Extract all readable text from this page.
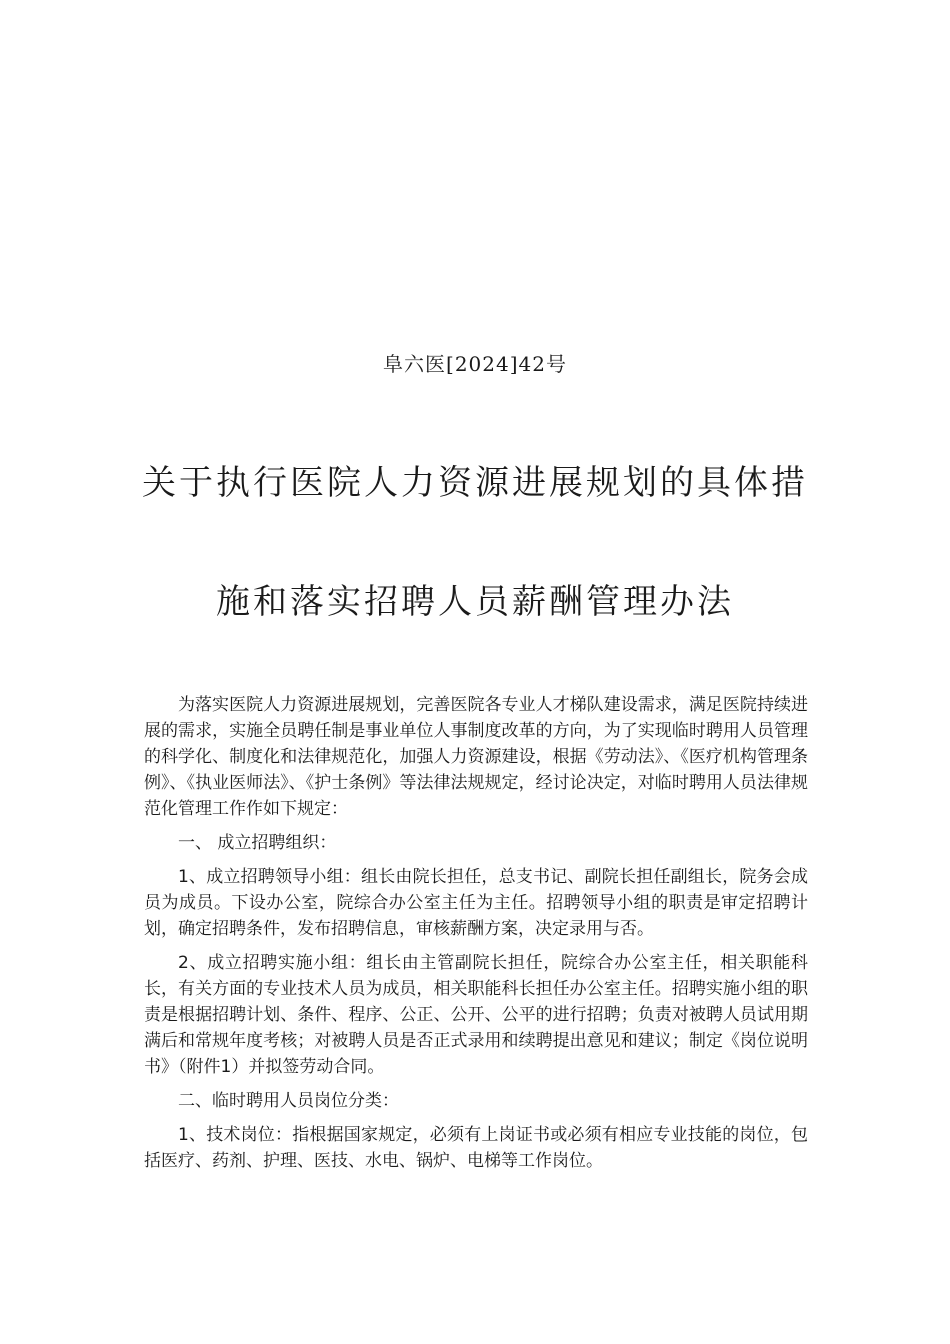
阜六医[2024]42号
关于执行医院人力资源进展规划的具体措
施和落实招聘人员薪酬管理办法

为落实医院人力资源进展规划，完善医院各专业人才梯队建设需求，满足医院持续进展的需求，实施全员聘任制是事业单位人事制度改革的方向，为了实现临时聘用人员管理的科学化、制度化和法律规范化，加强人力资源建设，根据《劳动法》、《医疗机构管理条例》、《执业医师法》、《护士条例》等法律法规规定，经讨论决定，对临时聘用人员法律规范化管理工作作如下规定：

一、 成立招聘组织：

1、成立招聘领导小组：组长由院长担任，总支书记、副院长担任副组长，院务会成员为成员。下设办公室，院综合办公室主任为主任。招聘领导小组的职责是审定招聘计划，确定招聘条件，发布招聘信息，审核薪酬方案，决定录用与否。

2、成立招聘实施小组：组长由主管副院长担任，院综合办公室主任，相关职能科长，有关方面的专业技术人员为成员，相关职能科长担任办公室主任。招聘实施小组的职责是根据招聘计划、条件、程序、公正、公开、公平的进行招聘；负责对被聘人员试用期满后和常规年度考核；对被聘人员是否正式录用和续聘提出意见和建议；制定《岗位说明书》（附件1）并拟签劳动合同。

二、临时聘用人员岗位分类：

1、技术岗位：指根据国家规定，必须有上岗证书或必须有相应专业技能的岗位，包括医疗、药剂、护理、医技、水电、锅炉、电梯等工作岗位。
